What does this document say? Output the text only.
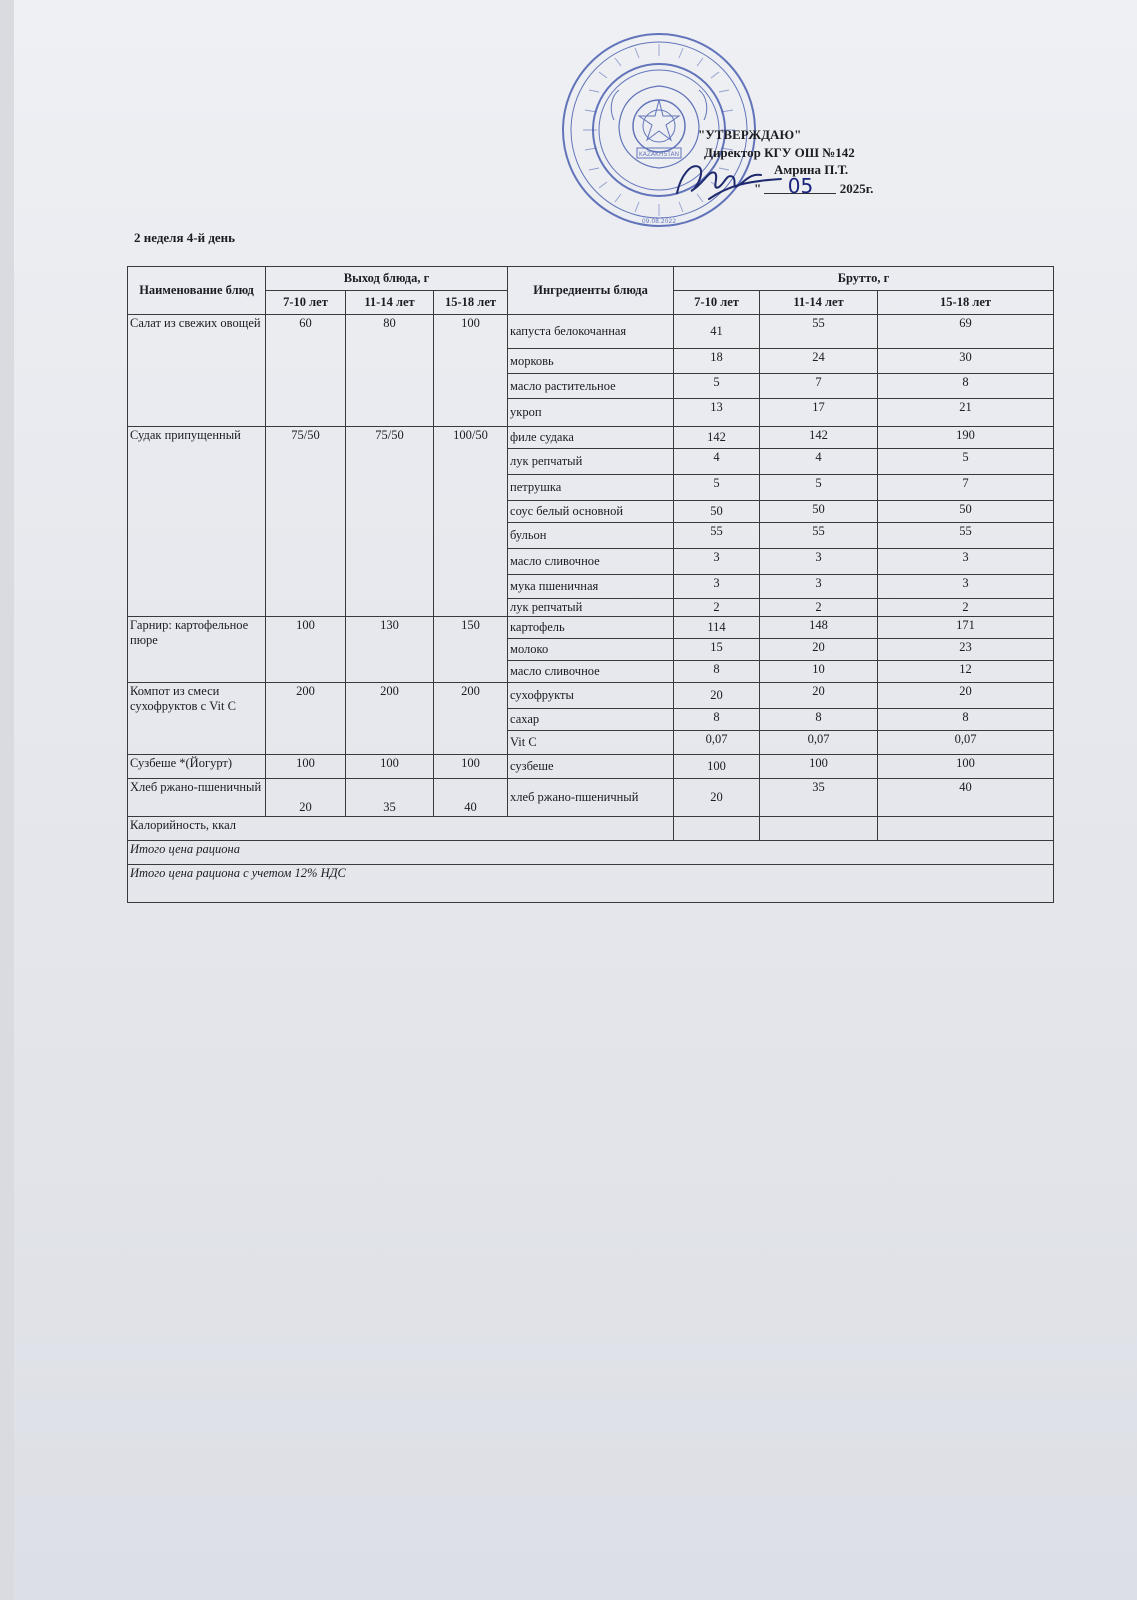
KAZAKHSTAN
09.08.2022
"УТВЕРЖДАЮ"
Директор КГУ ОШ №142
Амрина П.Т.
" 05 2025г.
2 неделя 4-й день
Наименование блюд	Выход блюда, г			Ингредиенты блюда	Брутто, г		
	7-10 лет	11-14 лет	15-18 лет		7-10 лет	11-14 лет	15-18 лет
Салат из свежих овощей	60	80	100	капуста белокочанная	41	55	69
				морковь	18	24	30
				масло растительное	5	7	8
				укроп	13	17	21
Судак припущенный	75/50	75/50	100/50	филе судака	142	142	190
				лук репчатый	4	4	5
				петрушка	5	5	7
				соус белый основной	50	50	50
				бульон	55	55	55
				масло сливочное	3	3	3
				мука пшеничная	3	3	3
				лук репчатый	2	2	2
Гарнир: картофельное пюре	100	130	150	картофель	114	148	171
				молоко	15	20	23
				масло сливочное	8	10	12
Компот из смеси сухофруктов с Vit C	200	200	200	сухофрукты	20	20	20
				сахар	8	8	8
				Vit C	0,07	0,07	0,07
Сузбеше *(Йогурт)	100	100	100	сузбеше	100	100	100
Хлеб ржано-пшеничный	20	35	40	хлеб ржано-пшеничный	20	35	40
Калорийность, ккал							
Итого цена рациона							
Итого цена рациона с учетом 12% НДС							
